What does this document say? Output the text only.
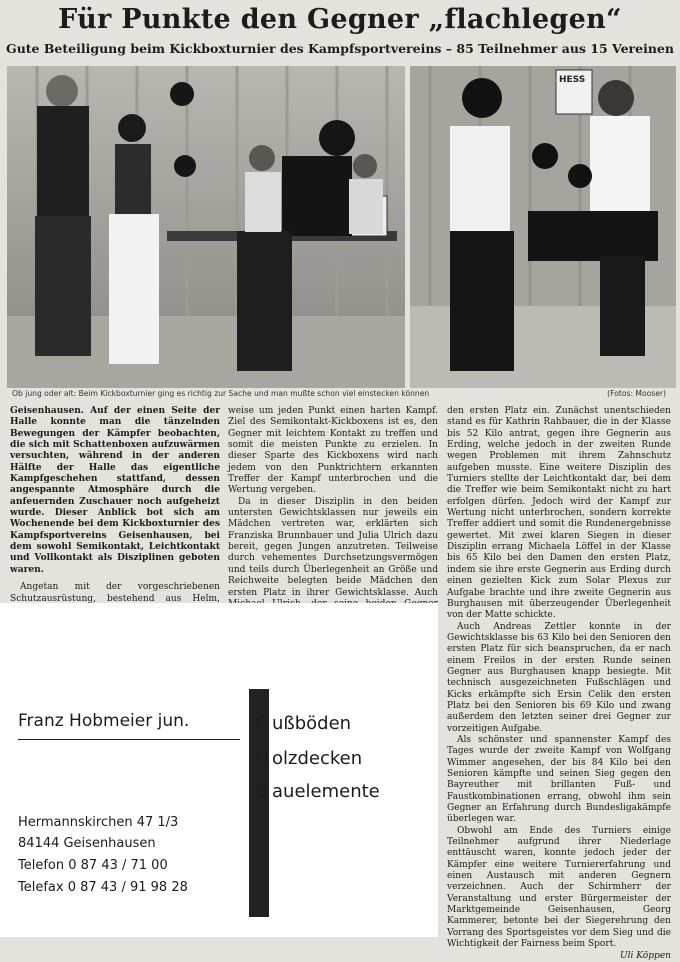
Für Punkte den Gegner „flachlegen“
Gute Beteiligung beim Kickboxturnier des Kampfsportvereins – 85 Teilnehmer aus 15 Vereinen
HESS
Ob jung oder alt: Beim Kickboxturnier ging es richtig zur Sache und man mußte schon viel einstecken können	(Fotos: Mooser)

Geisenhausen. Auf der einen Seite der Halle konnte man die tänzelnden Bewegungen der Kämpfer beobachten, die sich mit Schattenboxen aufzuwärmen versuchten, während in der anderen Hälfte der Halle das eigentliche Kampfgeschehen stattfand, dessen angespannte Atmosphäre durch die anfeuernden Zuschauer noch aufgeheizt wurde. Dieser Anblick bot sich am Wochenende bei dem Kickboxturnier des Kampfsportvereins Geisenhausen, bei dem sowohl Semikontakt, Leichtkontakt und Vollkontakt als Disziplinen geboten waren.

Angetan mit der vorgeschriebenen Schutzausrüstung, bestehend aus Helm,

weise um jeden Punkt einen harten Kampf. Ziel des Semikontakt-Kickboxens ist es, den Gegner mit leichtem Kontakt zu treffen und somit die meisten Punkte zu erzielen. In dieser Sparte des Kickboxens wird nach jedem von den Punktrichtern erkannten Treffer der Kampf unterbrochen und die Wertung vergeben.

Da in dieser Disziplin in den beiden untersten Gewichtsklassen nur jeweils ein Mädchen vertreten war, erklärten sich Franziska Brunnbauer und Julia Ulrich dazu bereit, gegen Jungen anzutreten. Teilweise durch vehementes Durchsetzungsvermögen und teils durch Überlegenheit an Größe und Reichweite belegten beide Mädchen den ersten Platz in ihrer Gewichtsklasse. Auch

den ersten Platz ein. Zunächst unentschieden stand es für Kathrin Rahbauer, die in der Klasse bis 52 Kilo antrat, gegen ihre Gegnerin aus Erding, welche jedoch in der zweiten Runde wegen Problemen mit ihrem Zahnschutz aufgeben musste. Eine weitere Disziplin des Turniers stellte der Leichtkontakt dar, bei dem die Treffer wie beim Semikontakt nicht zu hart erfolgen dürfen. Jedoch wird der Kampf zur Wertung nicht unterbrochen, sondern korrekte Treffer addiert und somit die Rundenergebnisse gewertet. Mit zwei klaren Siegen in dieser Disziplin errang Michaela Löffel in der Klasse bis 65 Kilo bei den Damen den ersten Platz, indem sie ihre erste Gegnerin aus Erding durch einen gezielten Kick zum Solar Plexus zur Aufgabe brachte und ihre zweite Gegnerin aus Burghausen mit überzeugender Überlegenheit von der Matte schickte.

Auch Andreas Zettler konnte in der Gewichtsklasse bis 63 Kilo bei den Senioren den ersten Platz für sich beanspruchen, da er nach einem Freilos in der ersten Runde seinen Gegner aus Burghausen knapp besiegte. Mit technisch ausgezeichneten Fußschlägen und Kicks erkämpfte sich Ersin Celik den ersten Platz bei den Senioren bis 69 Kilo und zwang außerdem den letzten seiner drei Gegner zur vorzeitigen Aufgabe.

Als schönster und spannenster Kampf des Tages wurde der zweite Kampf von Wolfgang Wimmer angesehen, der bis 84 Kilo bei den Senioren kämpfte und seinen Sieg gegen den Bayreuther mit brillanten Fuß- und Faustkombinationen errang, obwohl ihm sein Gegner an Erfahrung durch Bundesligakämpfe überlegen war.

Obwohl am Ende des Turniers einige Teilnehmer aufgrund ihrer Niederlage enttäuscht waren, konnte jedoch jeder der Kämpfer eine weitere Turniererfahrung und einen Austausch mit anderen Gegnern verzeichnen. Auch der Schirmherr der Veranstaltung und erster Bürgermeister der Marktgemeinde Geisenhausen, Georg Kammerer, betonte bei der Siegerehrung den Vorrang des Sportsgeistes vor dem Sieg und die Wichtigkeit der Fairness beim Sport.

Uli Köppen
Franz Hobmeier jun.	F ußböden
H olzdecken
B auelemente
Hermannskirchen 47 1/3
84144 Geisenhausen
Telefon 0 87 43 / 71 00
Telefax 0 87 43 / 91 98 28
